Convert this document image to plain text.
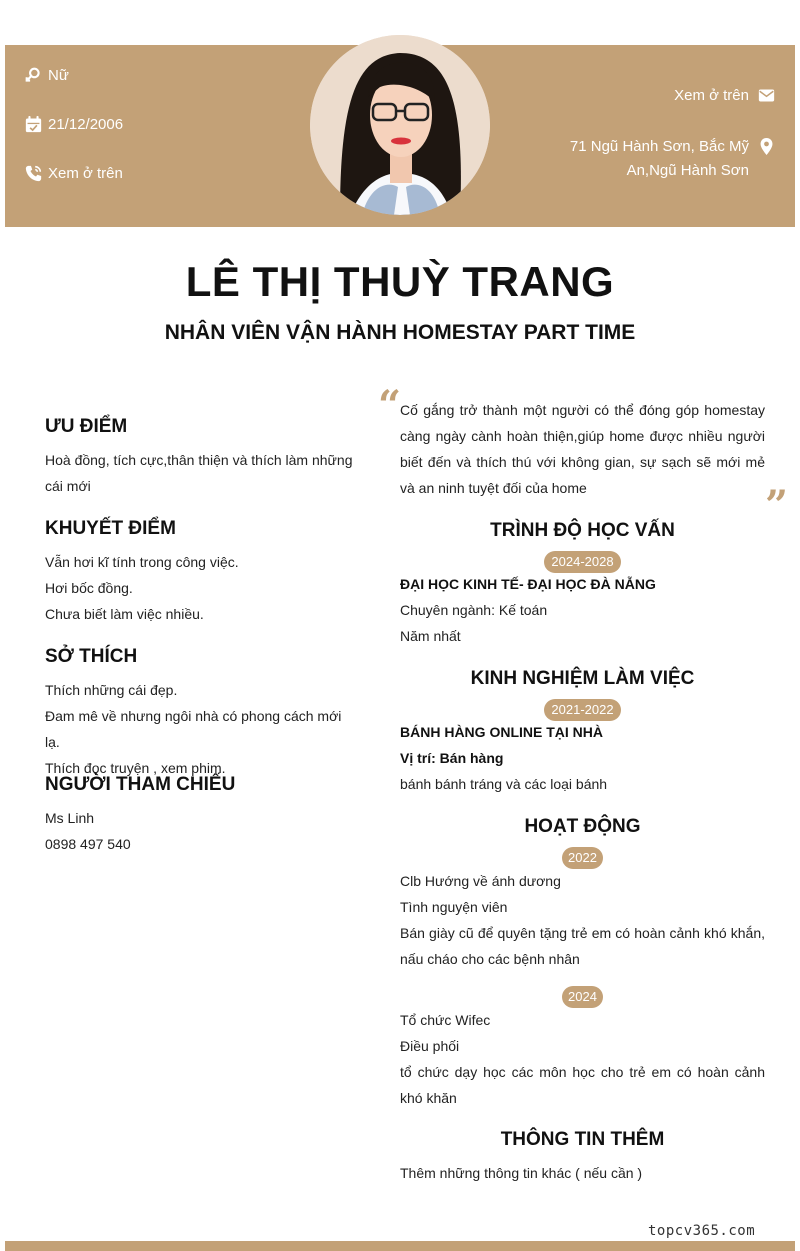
Nữ
21/12/2006
Xem ở trên
Xem ở trên
71 Ngũ Hành Sơn, Bắc Mỹ
An,Ngũ Hành Sơn
LÊ THỊ THUỲ TRANG
NHÂN VIÊN VẬN HÀNH HOMESTAY PART TIME
ƯU ĐIỂM
Hoà đồng, tích cực,thân thiện và thích làm những
cái mới
KHUYẾT ĐIỂM
Vẫn hơi kĩ tính trong công việc.
Hơi bốc đồng.
Chưa biết làm việc nhiều.
SỞ THÍCH
Thích những cái đẹp.
Đam mê về nhưng ngôi nhà có phong cách mới lạ.
Thích đọc truyện , xem phim.
NGƯỜI THAM CHIẾU
Ms Linh
0898 497 540
“
Cố gắng trở thành một người có thể đóng góp homestay càng ngày cành hoàn thiện,giúp home được nhiều người biết đến và thích thú với không gian, sự sạch sẽ mới mẻ và an ninh tuyệt đối của home	”
TRÌNH ĐỘ HỌC VẤN
2024-2028
ĐẠI HỌC KINH TẾ- ĐẠI HỌC ĐÀ NẴNG
Chuyên ngành: Kế toán
Năm nhất
KINH NGHIỆM LÀM VIỆC
2021-2022
BÁNH HÀNG ONLINE TẠI NHÀ
Vị trí: Bán hàng
bánh bánh tráng và các loại bánh
HOẠT ĐỘNG
2022
Clb Hướng về ánh dương
Tình nguyện viên
Bán giày cũ để quyên tặng trẻ em có hoàn cảnh khó khắn, nấu cháo cho các bệnh nhân
2024
Tổ chức Wifec
Điều phối
tổ chức dạy học các môn học cho trẻ em có hoàn cảnh khó khăn
THÔNG TIN THÊM
Thêm những thông tin khác ( nếu cần )
topcv365.com
